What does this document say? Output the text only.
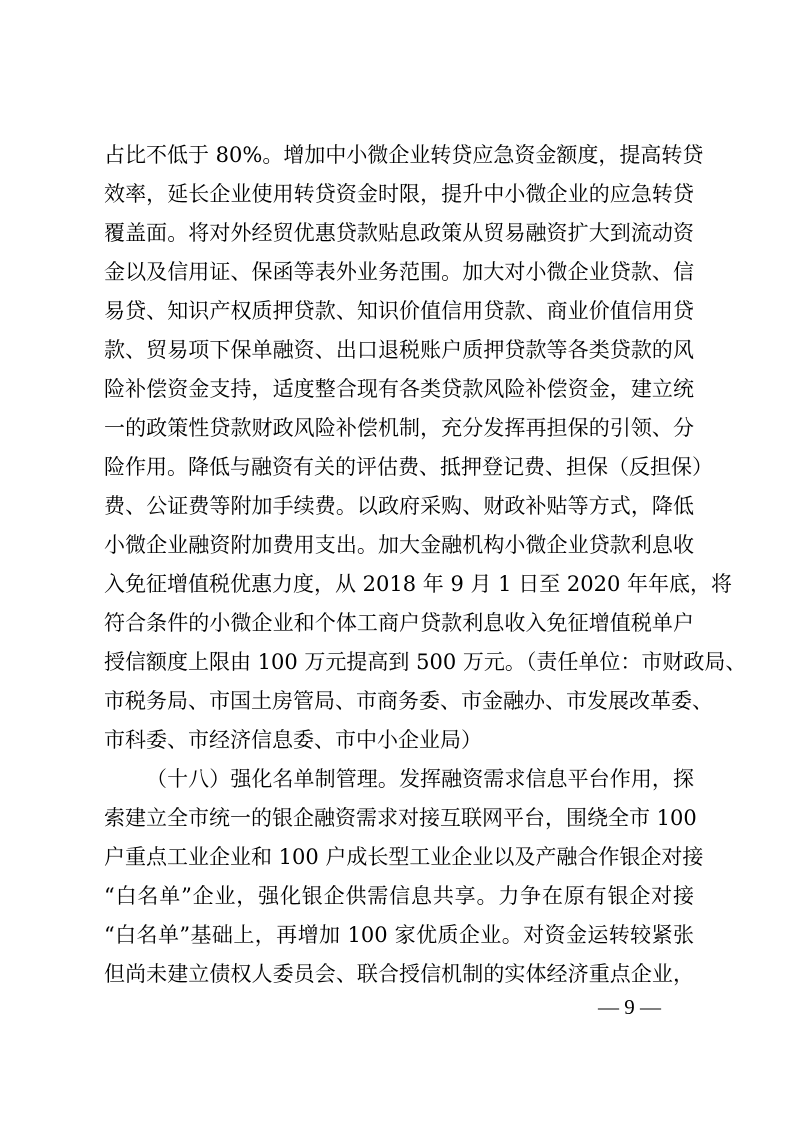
占比不低于 80%。增加中小微企业转贷应急资金额度，提高转贷
效率，延长企业使用转贷资金时限，提升中小微企业的应急转贷
覆盖面。将对外经贸优惠贷款贴息政策从贸易融资扩大到流动资
金以及信用证、保函等表外业务范围。加大对小微企业贷款、信
易贷、知识产权质押贷款、知识价值信用贷款、商业价值信用贷
款、贸易项下保单融资、出口退税账户质押贷款等各类贷款的风
险补偿资金支持，适度整合现有各类贷款风险补偿资金，建立统
一的政策性贷款财政风险补偿机制，充分发挥再担保的引领、分
险作用。降低与融资有关的评估费、抵押登记费、担保（反担保）
费、公证费等附加手续费。以政府采购、财政补贴等方式，降低
小微企业融资附加费用支出。加大金融机构小微企业贷款利息收
入免征增值税优惠力度，从 2018 年 9 月 1 日至 2020 年年底，将
符合条件的小微企业和个体工商户贷款利息收入免征增值税单户
授信额度上限由 100 万元提高到 500 万元。（责任单位：市财政局、
市税务局、市国土房管局、市商务委、市金融办、市发展改革委、
市科委、市经济信息委、市中小企业局）
（十八）强化名单制管理。发挥融资需求信息平台作用，探
索建立全市统一的银企融资需求对接互联网平台，围绕全市 100
户重点工业企业和 100 户成长型工业企业以及产融合作银企对接
“白名单”企业，强化银企供需信息共享。力争在原有银企对接
“白名单”基础上，再增加 100 家优质企业。对资金运转较紧张
但尚未建立债权人委员会、联合授信机制的实体经济重点企业，
— 9 —
